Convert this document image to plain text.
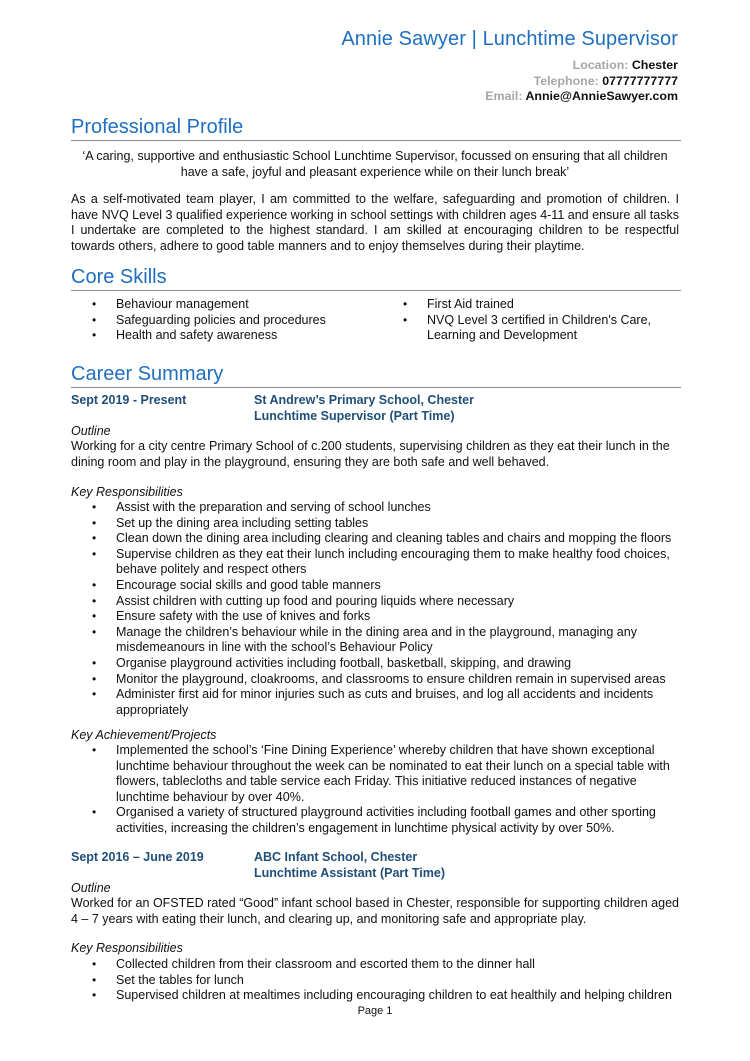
Annie Sawyer | Lunchtime Supervisor
Location: Chester
Telephone: 07777777777
Email: Annie@AnnieSawyer.com
Professional Profile

‘A caring, supportive and enthusiastic School Lunchtime Supervisor, focussed on ensuring that all children have a safe, joyful and pleasant experience while on their lunch break’

As a self-motivated team player, I am committed to the welfare, safeguarding and promotion of children. I have NVQ Level 3 qualified experience working in school settings with children ages 4-11 and ensure all tasks I undertake are completed to the highest standard. I am skilled at encouraging children to be respectful towards others, adhere to good table manners and to enjoy themselves during their playtime.

Core Skills
• Behaviour management
• Safeguarding policies and procedures
• Health and safety awareness
• First Aid trained
• NVQ Level 3 certified in Children's Care, Learning and Development
Career Summary
Sept 2019 - Present	St Andrew’s Primary School, Chester
Lunchtime Supervisor (Part Time)
Outline

Working for a city centre Primary School of c.200 students, supervising children as they eat their lunch in the dining room and play in the playground, ensuring they are both safe and well behaved.

Key Responsibilities
• Assist with the preparation and serving of school lunches
• Set up the dining area including setting tables
• Clean down the dining area including clearing and cleaning tables and chairs and mopping the floors
• Supervise children as they eat their lunch including encouraging them to make healthy food choices, behave politely and respect others
• Encourage social skills and good table manners
• Assist children with cutting up food and pouring liquids where necessary
• Ensure safety with the use of knives and forks
• Manage the children’s behaviour while in the dining area and in the playground, managing any misdemeanours in line with the school’s Behaviour Policy
• Organise playground activities including football, basketball, skipping, and drawing
• Monitor the playground, cloakrooms, and classrooms to ensure children remain in supervised areas
• Administer first aid for minor injuries such as cuts and bruises, and log all accidents and incidents appropriately
Key Achievement/Projects
• Implemented the school’s ‘Fine Dining Experience’ whereby children that have shown exceptional lunchtime behaviour throughout the week can be nominated to eat their lunch on a special table with flowers, tablecloths and table service each Friday. This initiative reduced instances of negative lunchtime behaviour by over 40%.
• Organised a variety of structured playground activities including football games and other sporting activities, increasing the children’s engagement in lunchtime physical activity by over 50%.
Sept 2016 – June 2019	ABC Infant School, Chester
Lunchtime Assistant (Part Time)
Outline

Worked for an OFSTED rated “Good” infant school based in Chester, responsible for supporting children aged 4 – 7 years with eating their lunch, and clearing up, and monitoring safe and appropriate play.

Key Responsibilities
• Collected children from their classroom and escorted them to the dinner hall
• Set the tables for lunch
• Supervised children at mealtimes including encouraging children to eat healthily and helping children
Page 1
